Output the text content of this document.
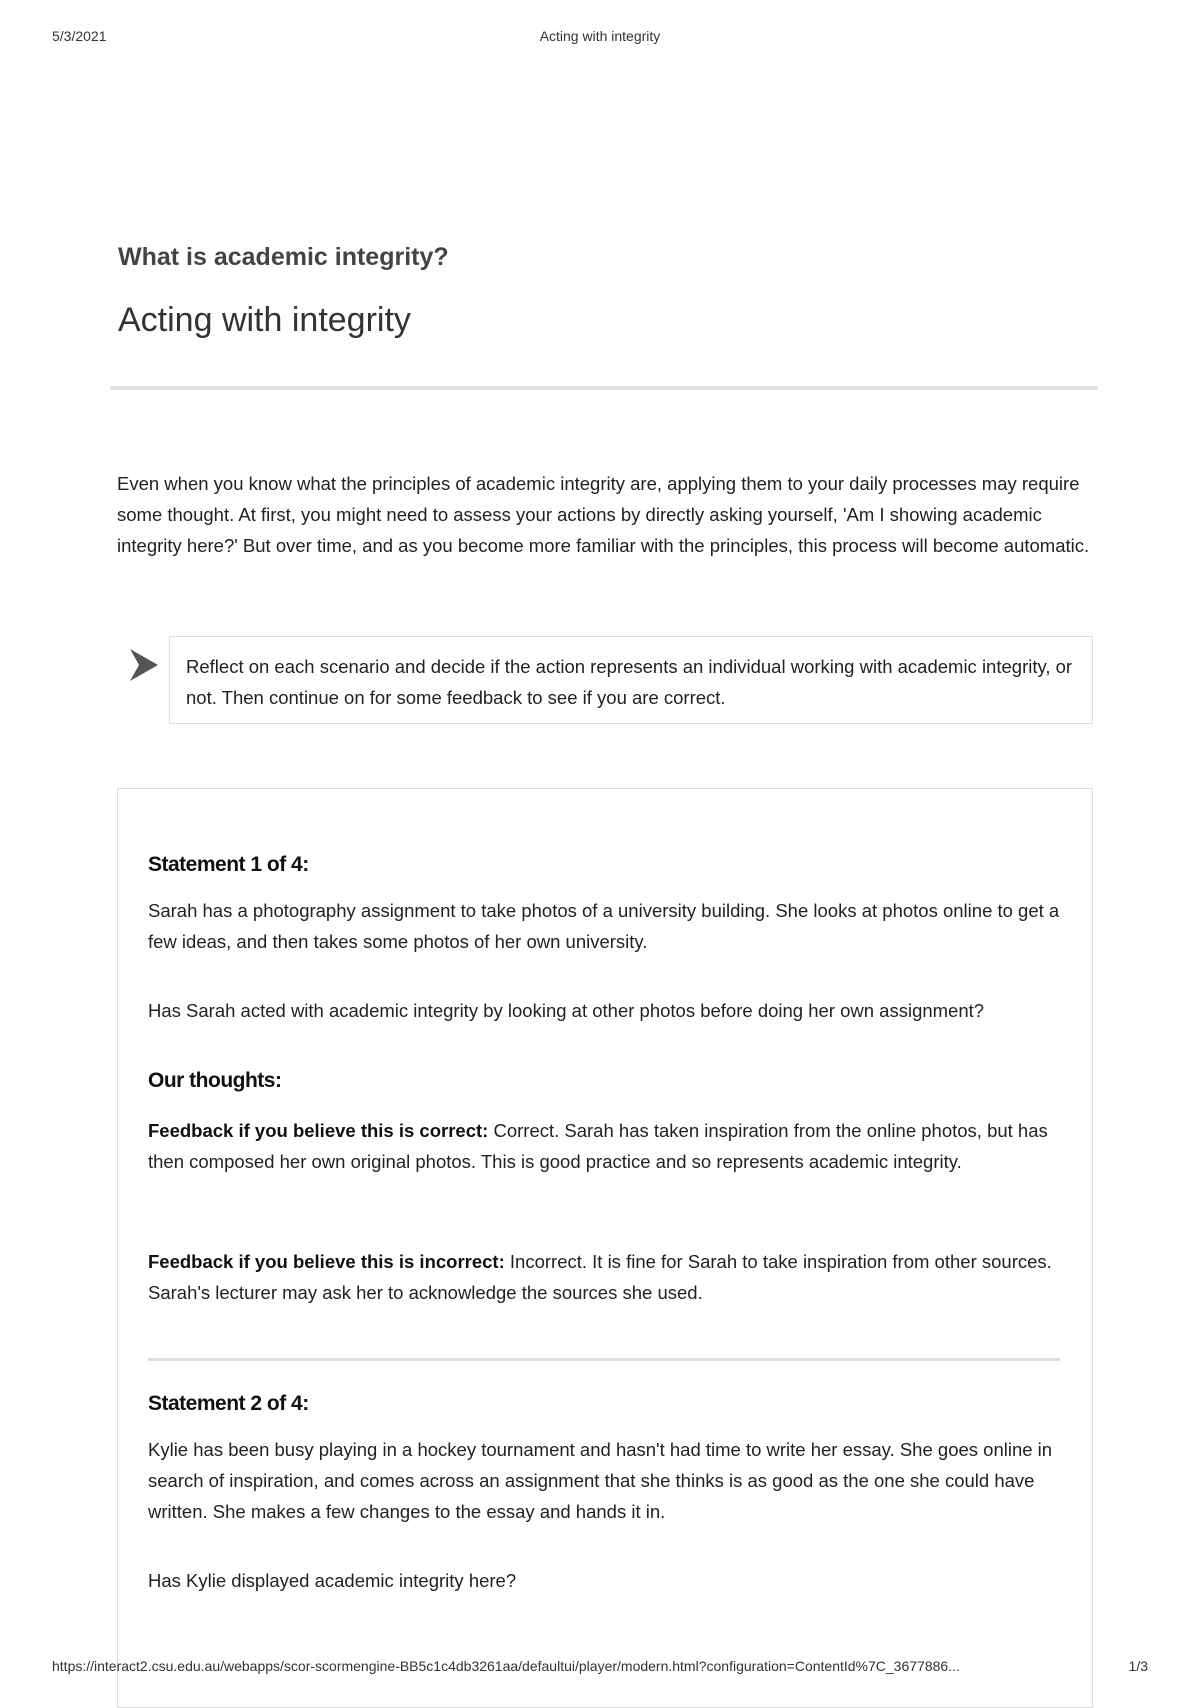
5/3/2021	Acting with integrity
What is academic integrity?
Acting with integrity

Even when you know what the principles of academic integrity are, applying them to your daily processes may require some thought. At first, you might need to assess your actions by directly asking yourself, 'Am I showing academic integrity here?' But over time, and as you become more familiar with the principles, this process will become automatic.

Reflect on each scenario and decide if the action represents an individual working with academic integrity, or not. Then continue on for some feedback to see if you are correct.
Statement 1 of 4:

Sarah has a photography assignment to take photos of a university building. She looks at photos online to get a few ideas, and then takes some photos of her own university.

Has Sarah acted with academic integrity by looking at other photos before doing her own assignment?

Our thoughts:

Feedback if you believe this is correct: Correct. Sarah has taken inspiration from the online photos, but has then composed her own original photos. This is good practice and so represents academic integrity.

Feedback if you believe this is incorrect: Incorrect. It is fine for Sarah to take inspiration from other sources. Sarah's lecturer may ask her to acknowledge the sources she used.

Statement 2 of 4:

Kylie has been busy playing in a hockey tournament and hasn't had time to write her essay. She goes online in search of inspiration, and comes across an assignment that she thinks is as good as the one she could have written. She makes a few changes to the essay and hands it in.

Has Kylie displayed academic integrity here?

https://interact2.csu.edu.au/webapps/scor-scormengine-BB5c1c4db3261aa/defaultui/player/modern.html?configuration=ContentId%7C_3677886...	1/3
